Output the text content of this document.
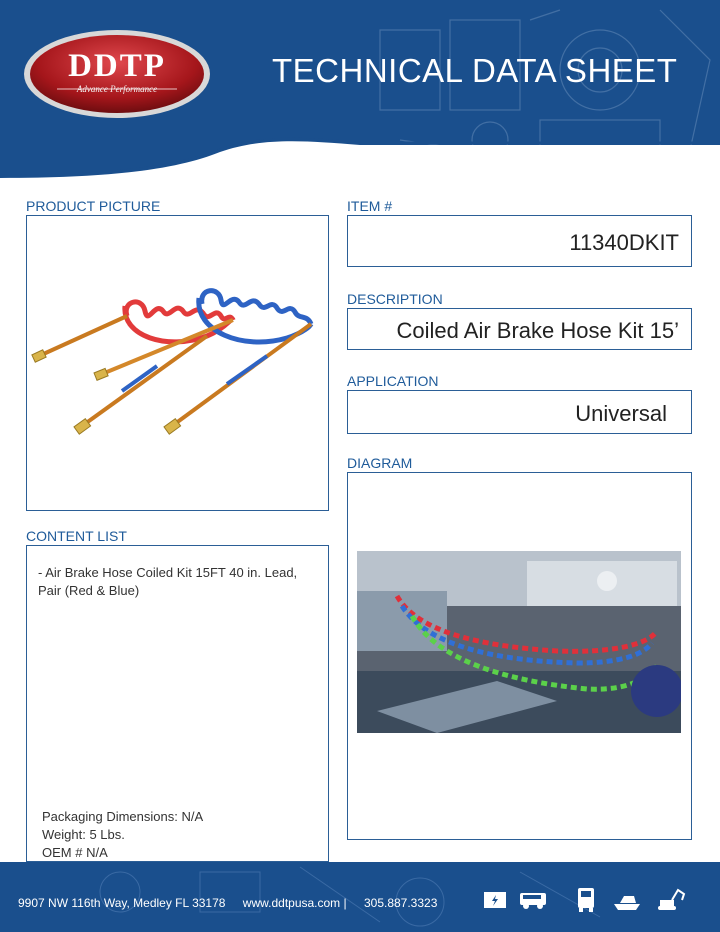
DDTP
Advance Performance	TECHNICAL DATA SHEET
PRODUCT PICTURE
CONTENT LIST
- Air Brake Hose Coiled Kit 15FT 40 in. Lead,
Pair (Red & Blue)
Packaging Dimensions: N/A
Weight: 5 Lbs.
OEM # N/A
ITEM #
11340DKIT
DESCRIPTION
Coiled Air Brake Hose Kit 15’
APPLICATION
Universal
DIAGRAM
9907 NW 116th Way, Medley FL 33178 www.ddtpusa.com | 305.887.3323
